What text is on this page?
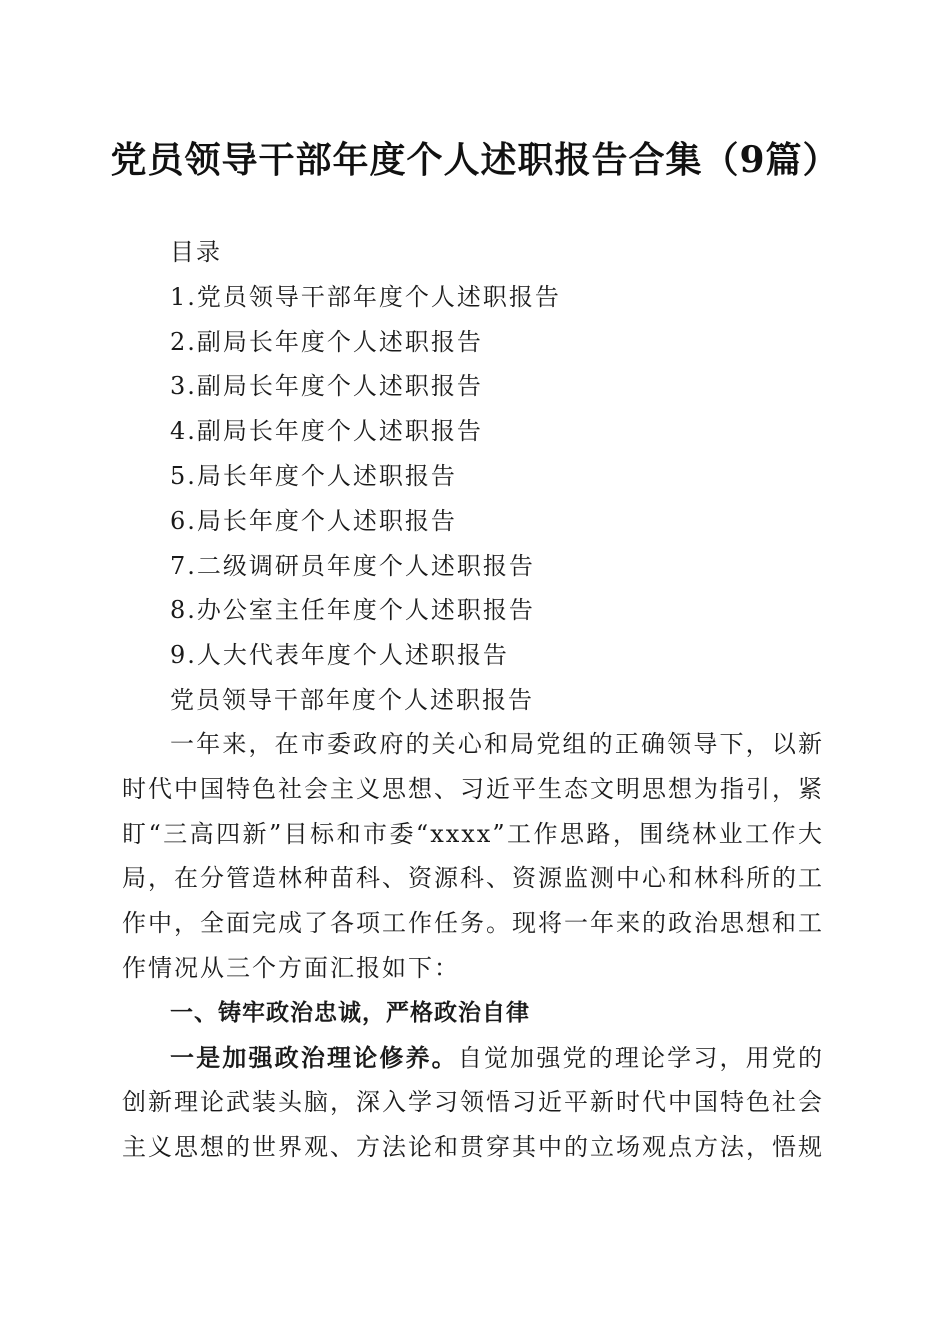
党员领导干部年度个人述职报告合集（9篇）
目录
1.党员领导干部年度个人述职报告
2.副局长年度个人述职报告
3.副局长年度个人述职报告
4.副局长年度个人述职报告
5.局长年度个人述职报告
6.局长年度个人述职报告
7.二级调研员年度个人述职报告
8.办公室主任年度个人述职报告
9.人大代表年度个人述职报告
党员领导干部年度个人述职报告

一年来，在市委政府的关心和局党组的正确领导下，以新时代中国特色社会主义思想、习近平生态文明思想为指引，紧盯“三高四新”目标和市委“xxxx”工作思路，围绕林业工作大局，在分管造林种苗科、资源科、资源监测中心和林科所的工作中，全面完成了各项工作任务。现将一年来的政治思想和工作情况从三个方面汇报如下：

一、铸牢政治忠诚，严格政治自律

一是加强政治理论修养。自觉加强党的理论学习，用党的创新理论武装头脑，深入学习领悟习近平新时代中国特色社会主义思想的世界观、方法论和贯穿其中的立场观点方法，悟规
